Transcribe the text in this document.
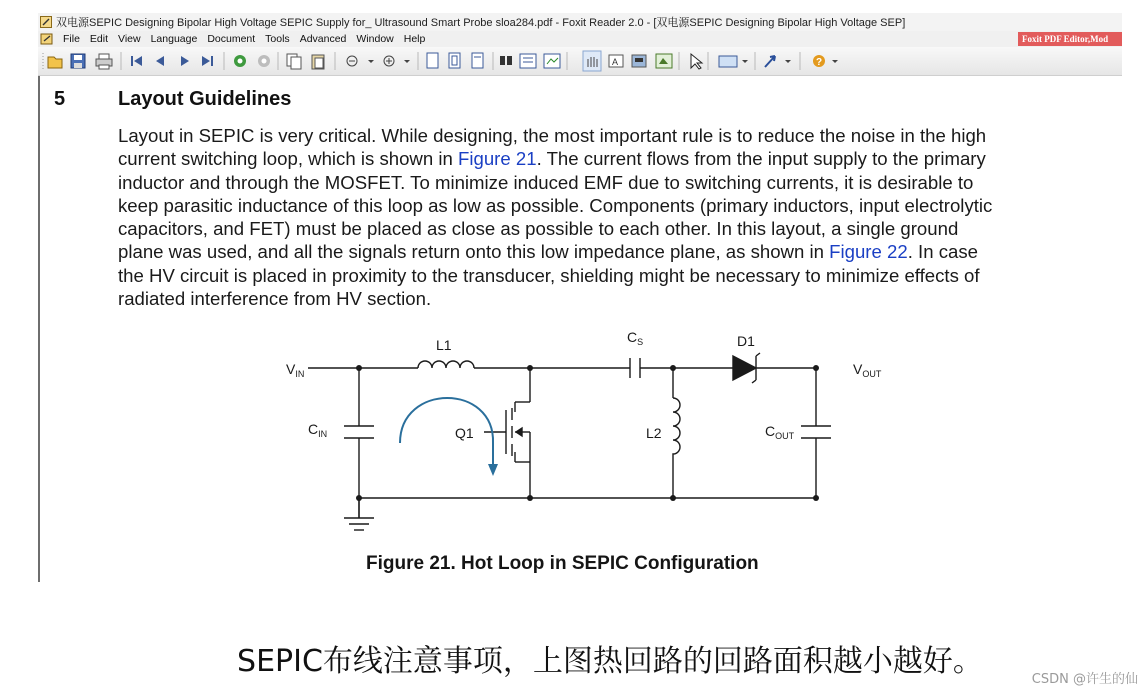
双电源SEPIC Designing Bipolar High Voltage SEPIC Supply for_ Ultrasound Smart Probe sloa284.pdf - Foxit Reader 2.0 - [双电源SEPIC Designing Bipolar High Voltage SEP]
File Edit View Language Document Tools Advanced Window Help	Foxit PDF Editor,Mod
A	?
5	Layout Guidelines
Layout in SEPIC is very critical. While designing, the most important rule is to reduce the noise in the high
current switching loop, which is shown in Figure 21. The current flows from the input supply to the primary
inductor and through the MOSFET. To minimize induced EMF due to switching currents, it is desirable to
keep parasitic inductance of this loop as low as possible. Components (primary inductors, input electrolytic
capacitors, and FET) must be placed as close as possible to each other. In this layout, a single ground
plane was used, and all the signals return onto this low impedance plane, as shown in Figure 22. In case
the HV circuit is placed in proximity to the transducer, shielding might be necessary to minimize effects of
radiated interference from HV section.
$V_{IN}$
L1	$C_S$	D1
$V_{OUT}$
$C_{IN}$	Q1	L2	$C_{OUT}$
Figure 21. Hot Loop in SEPIC Configuration
SEPIC布线注意事项，上图热回路的回路面积越小越好。
CSDN @许生的仙
